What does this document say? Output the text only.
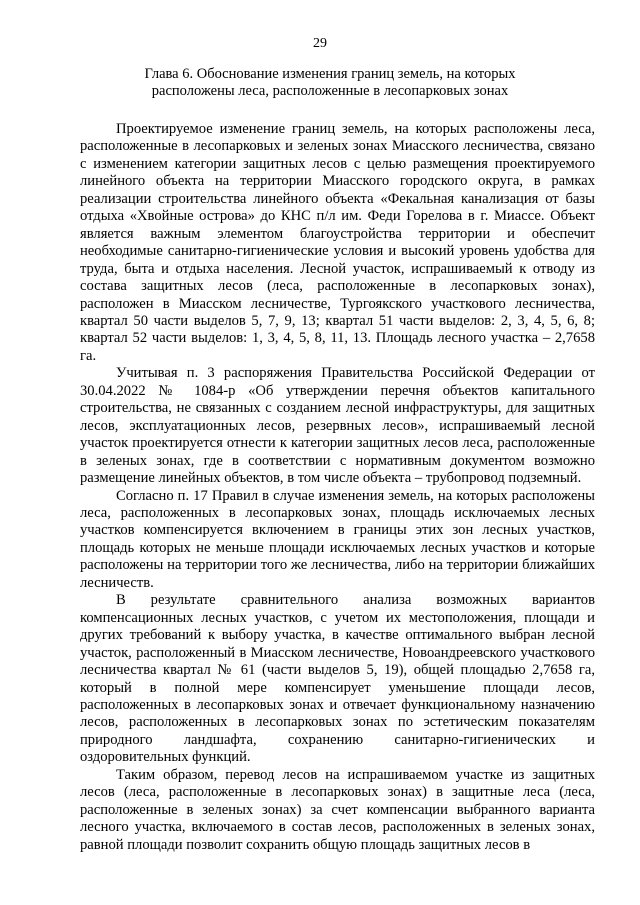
29
Глава 6. Обоснование изменения границ земель, на которых
расположены леса, расположенные в лесопарковых зонах

Проектируемое изменение границ земель, на которых расположены леса, расположенные в лесопарковых и зеленых зонах Миасского лесничества, связано с изменением категории защитных лесов с целью размещения проектируемого линейного объекта на территории Миасского городского округа, в рамках реализации строительства линейного объекта «Фекальная канализация от базы отдыха «Хвойные острова» до КНС п/л им. Феди Горелова в г. Миассе. Объект является важным элементом благоустройства территории и обеспечит необходимые санитарно-гигиенические условия и высокий уровень удобства для труда, быта и отдыха населения. Лесной участок, испрашиваемый к отводу из состава защитных лесов (леса, расположенные в лесопарковых зонах), расположен в Миасском лесничестве, Тургоякского участкового лесничества, квартал 50 части выделов 5, 7, 9, 13; квартал 51 части выделов: 2, 3, 4, 5, 6, 8; квартал 52 части выделов: 1, 3, 4, 5, 8, 11, 13. Площадь лесного участка – 2,7658 га.

Учитывая п. 3 распоряжения Правительства Российской Федерации от 30.04.2022 № 1084-р «Об утверждении перечня объектов капитального строительства, не связанных с созданием лесной инфраструктуры, для защитных лесов, эксплуатационных лесов, резервных лесов», испрашиваемый лесной участок проектируется отнести к категории защитных лесов леса, расположенные в зеленых зонах, где в соответствии с нормативным документом возможно размещение линейных объектов, в том числе объекта – трубопровод подземный.

Согласно п. 17 Правил в случае изменения земель, на которых расположены леса, расположенных в лесопарковых зонах, площадь исключаемых лесных участков компенсируется включением в границы этих зон лесных участков, площадь которых не меньше площади исключаемых лесных участков и которые расположены на территории того же лесничества, либо на территории ближайших лесничеств.

В результате сравнительного анализа возможных вариантов компенсационных лесных участков, с учетом их местоположения, площади и других требований к выбору участка, в качестве оптимального выбран лесной участок, расположенный в Миасском лесничестве, Новоандреевского участкового лесничества квартал № 61 (части выделов 5, 19), общей площадью 2,7658 га, который в полной мере компенсирует уменьшение площади лесов, расположенных в лесопарковых зонах и отвечает функциональному назначению лесов, расположенных в лесопарковых зонах по эстетическим показателям природного ландшафта, сохранению санитарно-гигиенических и оздоровительных функций.

Таким образом, перевод лесов на испрашиваемом участке из защитных лесов (леса, расположенные в лесопарковых зонах) в защитные леса (леса, расположенные в зеленых зонах) за счет компенсации выбранного варианта лесного участка, включаемого в состав лесов, расположенных в зеленых зонах, равной площади позволит сохранить общую площадь защитных лесов в
